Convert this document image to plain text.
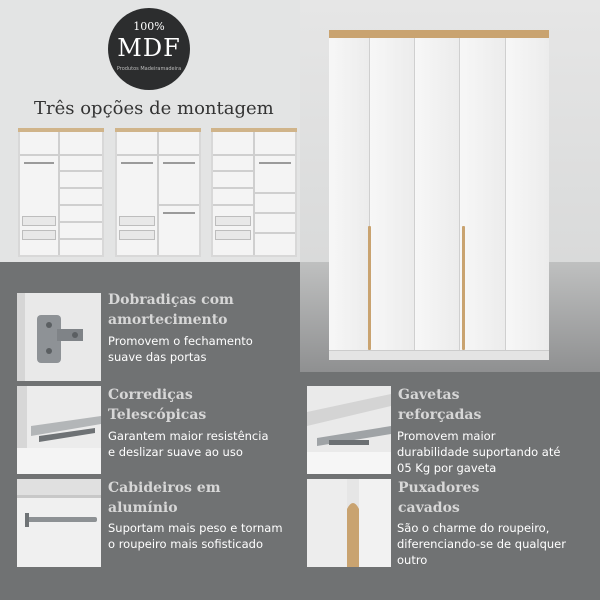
100%
MDF
Produtos Madeiramadeira
Três opções de montagem
Dobradiças com
amortecimento
Promovem o fechamento
suave das portas
Corrediças
Telescópicas
Garantem maior resistência
e deslizar suave ao uso
Cabideiros em
alumínio
Suportam mais peso e tornam
o roupeiro mais sofisticado
Gavetas
reforçadas
Promovem maior
durabilidade suportando até
05 Kg por gaveta
Puxadores
cavados
São o charme do roupeiro,
diferenciando-se de qualquer
outro
